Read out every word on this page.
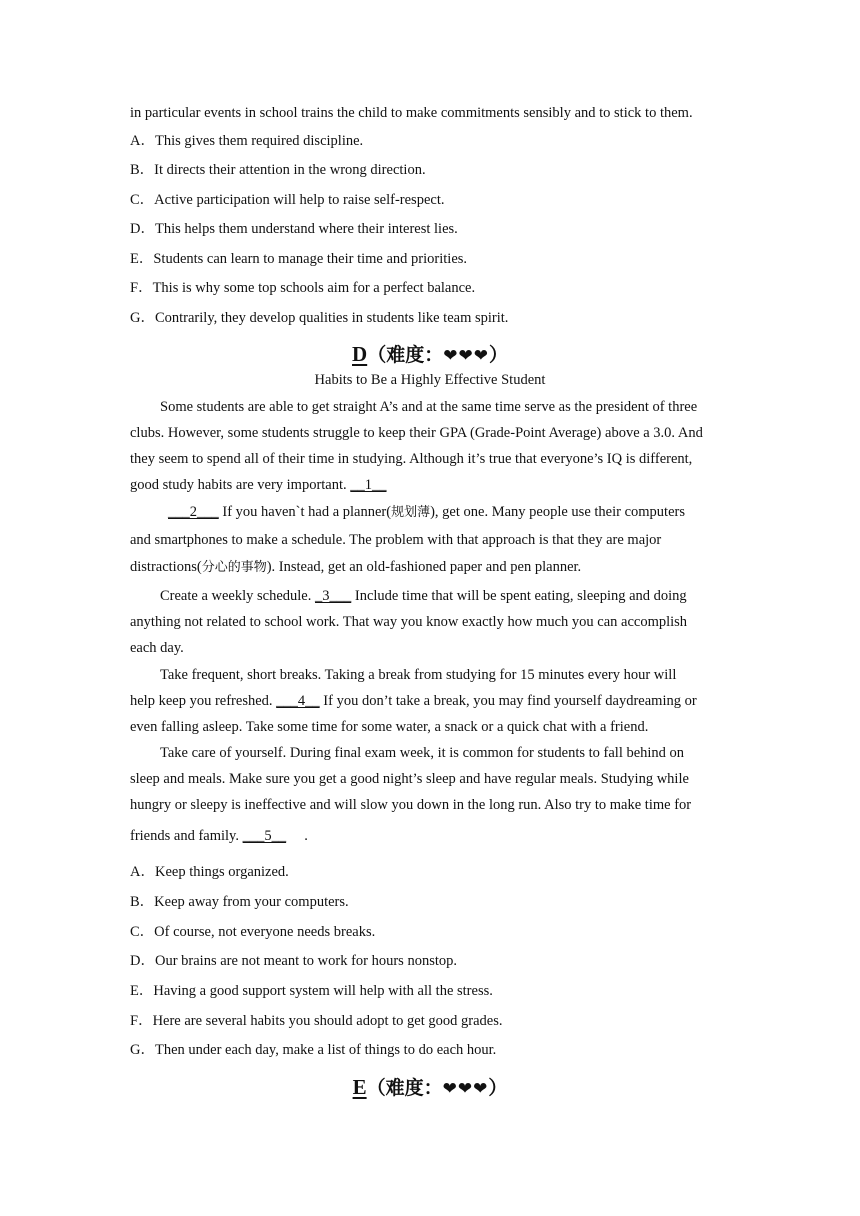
in particular events in school trains the child to make commitments sensibly and to stick to them.
A．This gives them required discipline.
B．It directs their attention in the wrong direction.
C．Active participation will help to raise self-respect.
D．This helps them understand where their interest lies.
E．Students can learn to manage their time and priorities.
F．This is why some top schools aim for a perfect balance.
G．Contrarily, they develop qualities in students like team spirit.
D（难度：❤❤❤）
Habits to Be a Highly Effective Student
Some students are able to get straight A’s and at the same time serve as the president of three
clubs. However, some students struggle to keep their GPA (Grade-Point Average) above a 3.0. And
they seem to spend all of their time in studying. Although it’s true that everyone’s IQ is different,
good study habits are very important. __1__
___2___ If you haven`t had a planner(规划薄), get one. Many people use their computers
and smartphones to make a schedule. The problem with that approach is that they are major
distractions(分心的事物). Instead, get an old-fashioned paper and pen planner.
Create a weekly schedule. _3___ Include time that will be spent eating, sleeping and doing
anything not related to school work. That way you know exactly how much you can accomplish
each day.
Take frequent, short breaks. Taking a break from studying for 15 minutes every hour will
help keep you refreshed. ___4__ If you don’t take a break, you may find yourself daydreaming or
even falling asleep. Take some time for some water, a snack or a quick chat with a friend.
Take care of yourself. During final exam week, it is common for students to fall behind on
sleep and meals. Make sure you get a good night’s sleep and have regular meals. Studying while
hungry or sleepy is ineffective and will slow you down in the long run. Also try to make time for
friends and family. ___5__     .
A．Keep things organized.
B．Keep away from your computers.
C．Of course, not everyone needs breaks.
D．Our brains are not meant to work for hours nonstop.
E．Having a good support system will help with all the stress.
F．Here are several habits you should adopt to get good grades.
G．Then under each day, make a list of things to do each hour.
E（难度：❤❤❤）
